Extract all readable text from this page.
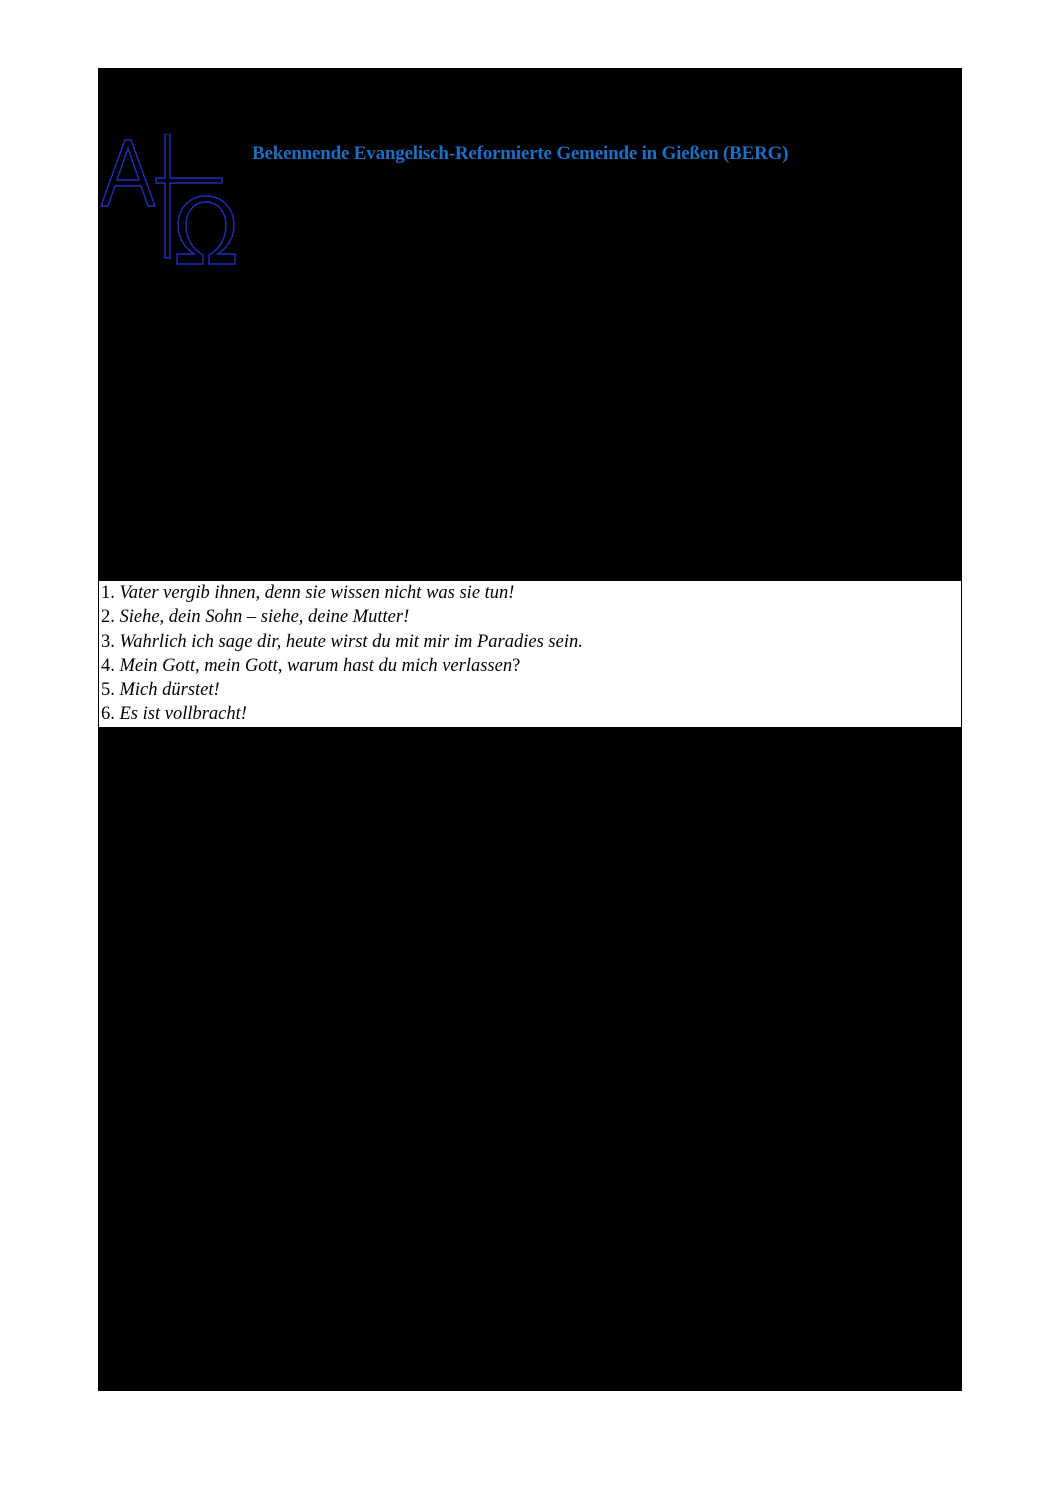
Bekennende Evangelisch-Reformierte Gemeinde in Gießen (BERG)
1. Vater vergib ihnen, denn sie wissen nicht was sie tun!
2. Siehe, dein Sohn – siehe, deine Mutter!
3. Wahrlich ich sage dir, heute wirst du mit mir im Paradies sein.
4. Mein Gott, mein Gott, warum hast du mich verlassen?
5. Mich dürstet!
6. Es ist vollbracht!
